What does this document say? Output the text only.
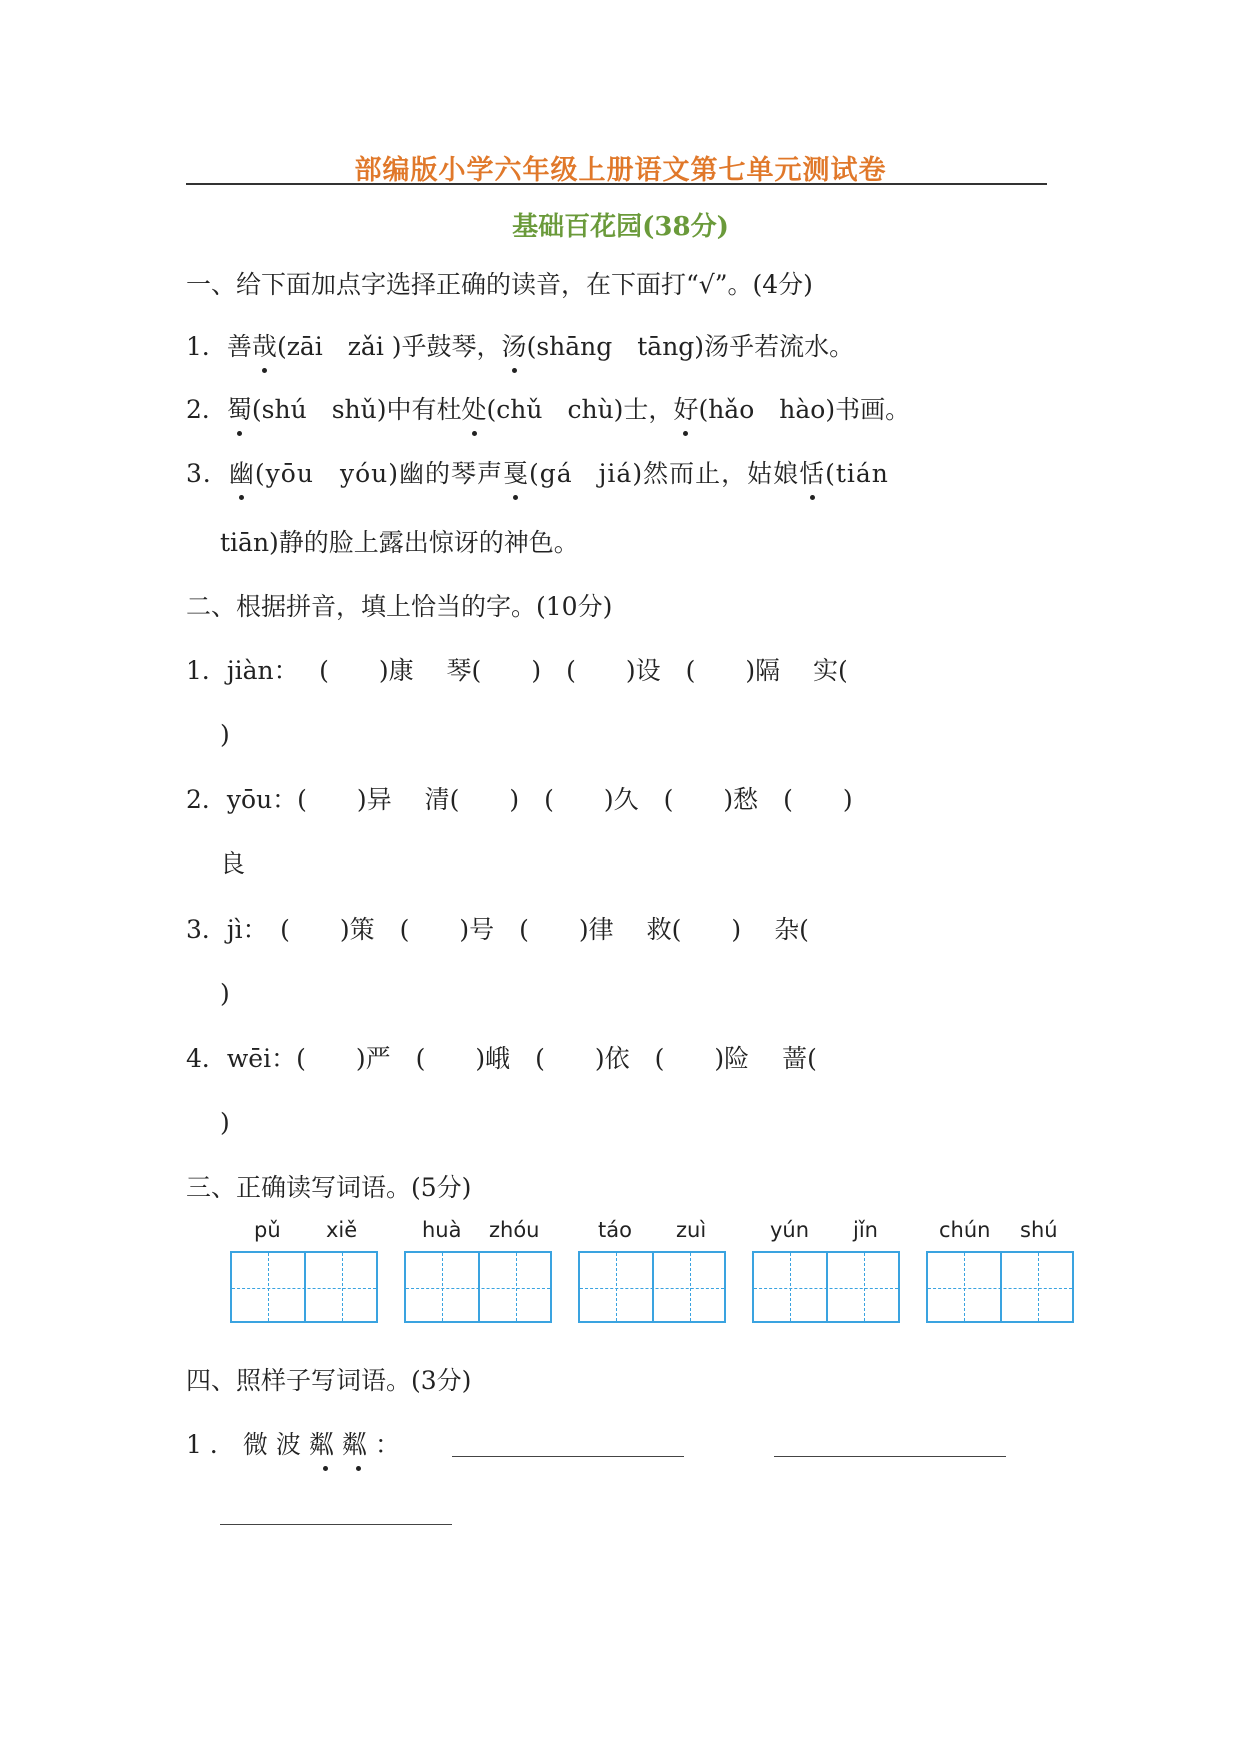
部编版小学六年级上册语文第七单元测试卷
基础百花园(38分)
一、给下面加点字选择正确的读音，在下面打“√”。(4分)
1．善哉(zāi　zǎi )乎鼓琴，汤(shāng　tāng)汤乎若流水。
2．蜀(shú　shǔ)中有杜处(chǔ　chù)士，好(hǎo　hào)书画。
3．幽(yōu　yóu)幽的琴声戛(gá　jiá)然而止，姑娘恬(tián
tiān)静的脸上露出惊讶的神色。
二、根据拼音，填上恰当的字。(10分)
1．jiàn：　 (　　)康　 琴(　　)　(　　)设　(　　)隔　 实(
)
2．yōu：(　　)异　 清(　　)　(　　)久　(　　)愁　(　　)
良
3．jì：　(　　)策　(　　)号　(　　)律　 救(　　)　 杂(
)
4．wēi：(　　)严　(　　)峨　(　　)依　(　　)险　 蔷(
)
三、正确读写词语。(5分)
pǔ xiě	huà zhóu	táo zuì	yún jǐn	chún shú
四、照样子写词语。(3分)
1．微波粼粼：
